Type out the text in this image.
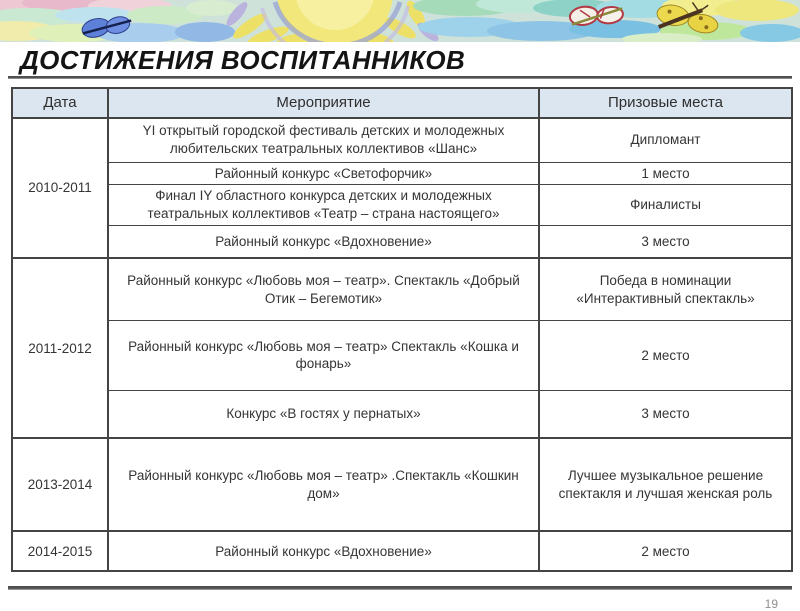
ДОСТИЖЕНИЯ ВОСПИТАННИКОВ
Дата	Мероприятие	Призовые места
2010-2011	YI открытый городской фестиваль детских и молодежных любительских театральных коллективов «Шанс»	Дипломант
	Районный конкурс «Светофорчик»	1 место
	Финал IY областного конкурса детских и молодежных театральных коллективов «Театр – страна настоящего»	Финалисты
	Районный конкурс «Вдохновение»	3 место
2011-2012	Районный конкурс «Любовь моя – театр». Спектакль «Добрый Отик – Бегемотик»	Победа в номинации «Интерактивный спектакль»
	Районный конкурс «Любовь моя – театр» Спектакль «Кошка и фонарь»	2 место
	Конкурс «В гостях у пернатых»	3 место
2013-2014	Районный конкурс «Любовь моя – театр» .Спектакль «Кошкин дом»	Лучшее музыкальное решение спектакля и лучшая женская роль
2014-2015	Районный конкурс «Вдохновение»	2 место
19
